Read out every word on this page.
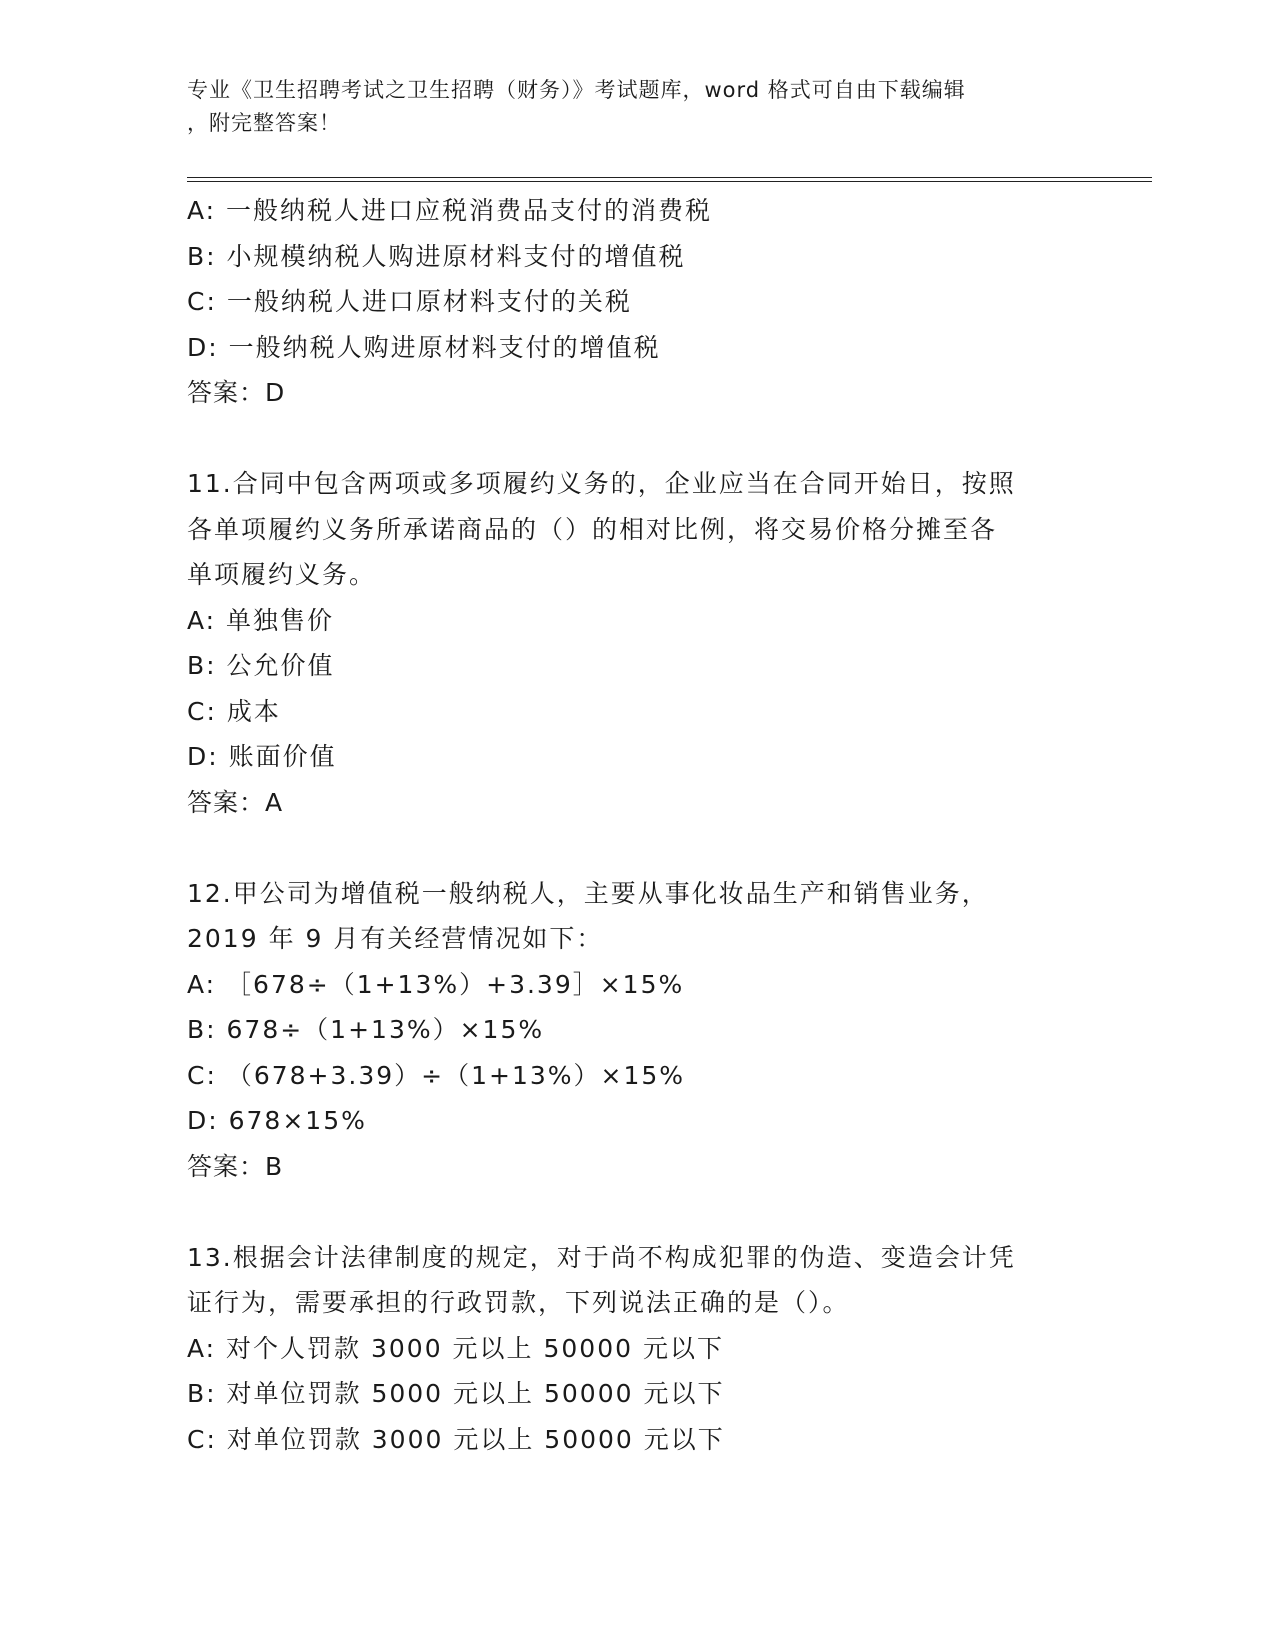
专业《卫生招聘考试之卫生招聘（财务）》考试题库，word 格式可自由下载编辑
，附完整答案！
A: 一般纳税人进口应税消费品支付的消费税
B: 小规模纳税人购进原材料支付的增值税
C: 一般纳税人进口原材料支付的关税
D: 一般纳税人购进原材料支付的增值税
答案：D
11.合同中包含两项或多项履约义务的，企业应当在合同开始日，按照
各单项履约义务所承诺商品的（）的相对比例，将交易价格分摊至各
单项履约义务。
A: 单独售价
B: 公允价值
C: 成本
D: 账面价值
答案：A
12.甲公司为增值税一般纳税人，主要从事化妆品生产和销售业务，
2019 年 9 月有关经营情况如下：
A: ［678÷（1+13%）+3.39］×15%
B: 678÷（1+13%）×15%
C: （678+3.39）÷（1+13%）×15%
D: 678×15%
答案：B
13.根据会计法律制度的规定，对于尚不构成犯罪的伪造、变造会计凭
证行为，需要承担的行政罚款，下列说法正确的是（）。
A: 对个人罚款 3000 元以上 50000 元以下
B: 对单位罚款 5000 元以上 50000 元以下
C: 对单位罚款 3000 元以上 50000 元以下
